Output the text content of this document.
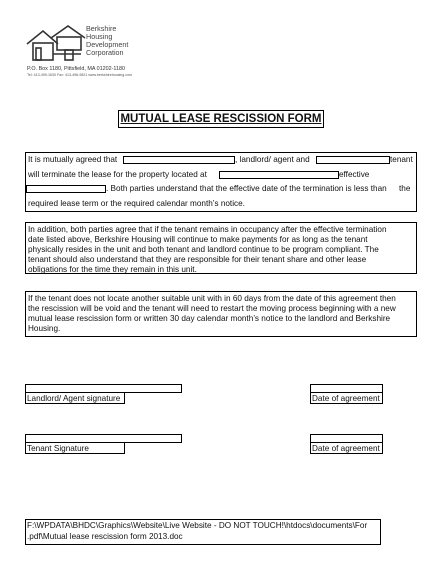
Berkshire
Housing
Development
Corporation
P.O. Box 1180, Pittsfield, MA 01202-1180
Tel: 413-499-1630 Fax: 413-496-9821 www.berkshirehousing.com
MUTUAL LEASE RESCISSION FORM
It is mutually agreed that	, landlord/ agent and	tenant
will terminate the lease for the property located at	effective
. Both parties understand that the effective date of the termination is less than the
required lease term or the required calendar month’s notice.
In addition, both parties agree that if the tenant remains in occupancy after the effective termination
date listed above, Berkshire Housing will continue to make payments for as long as the tenant
physically resides in the unit and both tenant and landlord continue to be program compliant. The
tenant should also understand that they are responsible for their tenant share and other lease
obligations for the time they remain in this unit.
If the tenant does not locate another suitable unit with in 60 days from the date of this agreement then
the rescission will be void and the tenant will need to restart the moving process beginning with a new
mutual lease rescission form or written 30 day calendar month’s notice to the landlord and Berkshire
Housing.
Landlord/ Agent signature	Date of agreement
Tenant Signature	Date of agreement
F:\WPDATA\BHDC\Graphics\Website\Live Website - DO NOT TOUCH!\htdocs\documents\For
.pdf\Mutual lease rescission form 2013.doc
